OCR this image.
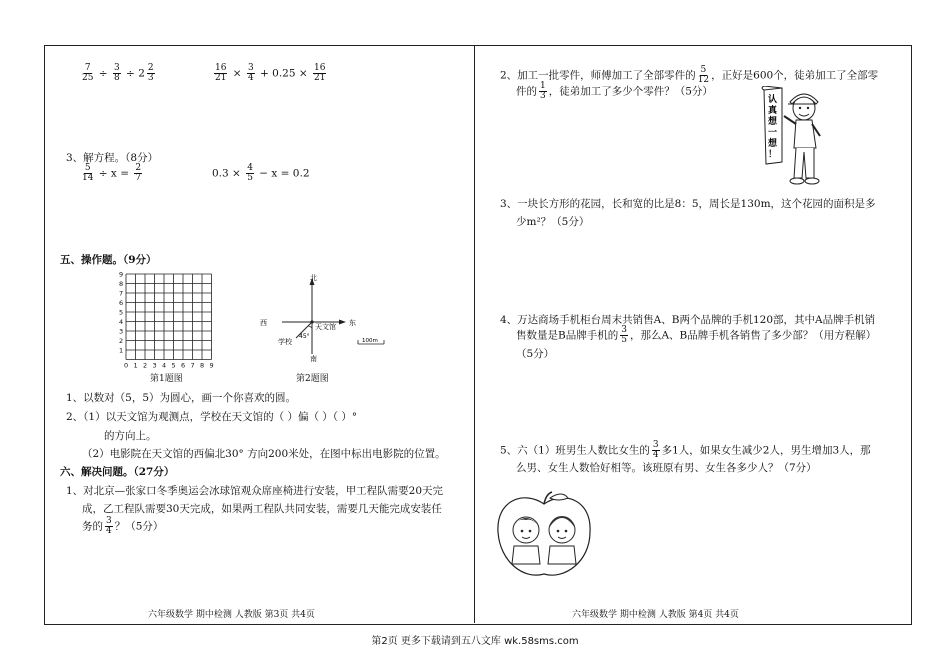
$\frac{7}{25} \div \frac{3}{8} \div 2 \frac{2}{3}$	$\frac{16}{21} \times \frac{3}{4} + 0.25 \times \frac{16}{21}$
3、解方程。（8分）
$\frac{5}{14} \div x = \frac{2}{7}$	$0.3 \times \frac{4}{5} - x = 0.2$
五、操作题。（9分）
0 1 2 3 4 5 6 7 8 9
9
8
7
6
5
4
3
2
1
第1题图
北
南
东
西	天文馆
学校
45°
100m
第2题图
1、以数对（5，5）为圆心，画一个你喜欢的圆。
2、（1）以天文馆为观测点，学校在天文馆的（ ）偏（ ）（ ）°
的方向上。
（2）电影院在天文馆的西偏北30° 方向200米处，在图中标出电影院的位置。
六、解决问题。（27分）
1、对北京—张家口冬季奥运会冰球馆观众席座椅进行安装，甲工程队需要20天完
成，乙工程队需要30天完成，如果两工程队共同安装，需要几天能完成安装任
务的 $\frac{3}{4}$ ？（5分）
六年级数学 期中检测 人教版 第3页 共4页
2、加工一批零件，师傅加工了全部零件的 $\frac{5}{12}$ ，正好是600个，徒弟加工了全部零
件的 $\frac{1}{3}$ ，徒弟加工了多少个零件？（5分）
认真想一想！
3、一块长方形的花园，长和宽的比是8：5，周长是130m，这个花园的面积是多
少m²？（5分）
4、万达商场手机柜台周末共销售A、B两个品牌的手机120部，其中A品牌手机销
售数量是B品牌手机的 $\frac{3}{5}$ ，那么A、B品牌手机各销售了多少部？（用方程解）
（5分）
5、六（1）班男生人数比女生的 $\frac{3}{4}$ 多1人，如果女生减少2人，男生增加3人，那
么男、女生人数恰好相等。该班原有男、女生各多少人？（7分）
六年级数学 期中检测 人教版 第4页 共4页
第2页 更多下载请到五八文库 wk.58sms.com
